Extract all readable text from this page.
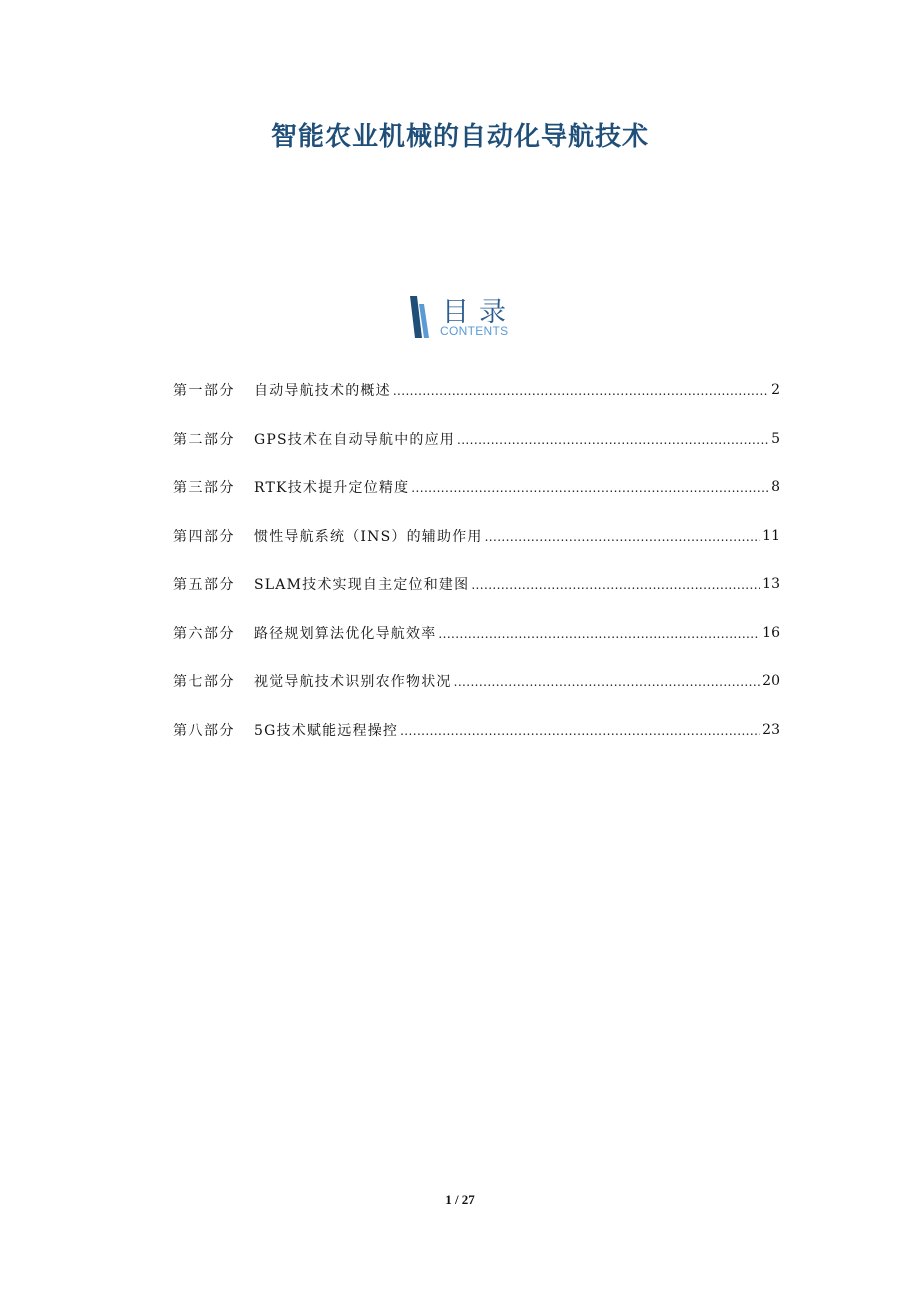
智能农业机械的自动化导航技术
目录
CONTENTS
第一部分	自动导航技术的概述 .....	2
第二部分	GPS技术在自动导航中的应用 .....	5
第三部分	RTK技术提升定位精度 .....	8
第四部分	惯性导航系统（INS）的辅助作用 .....	11
第五部分	SLAM技术实现自主定位和建图 .....	13
第六部分	路径规划算法优化导航效率 .....	16
第七部分	视觉导航技术识别农作物状况 .....	20
第八部分	5G技术赋能远程操控 .....	23
1 / 27
